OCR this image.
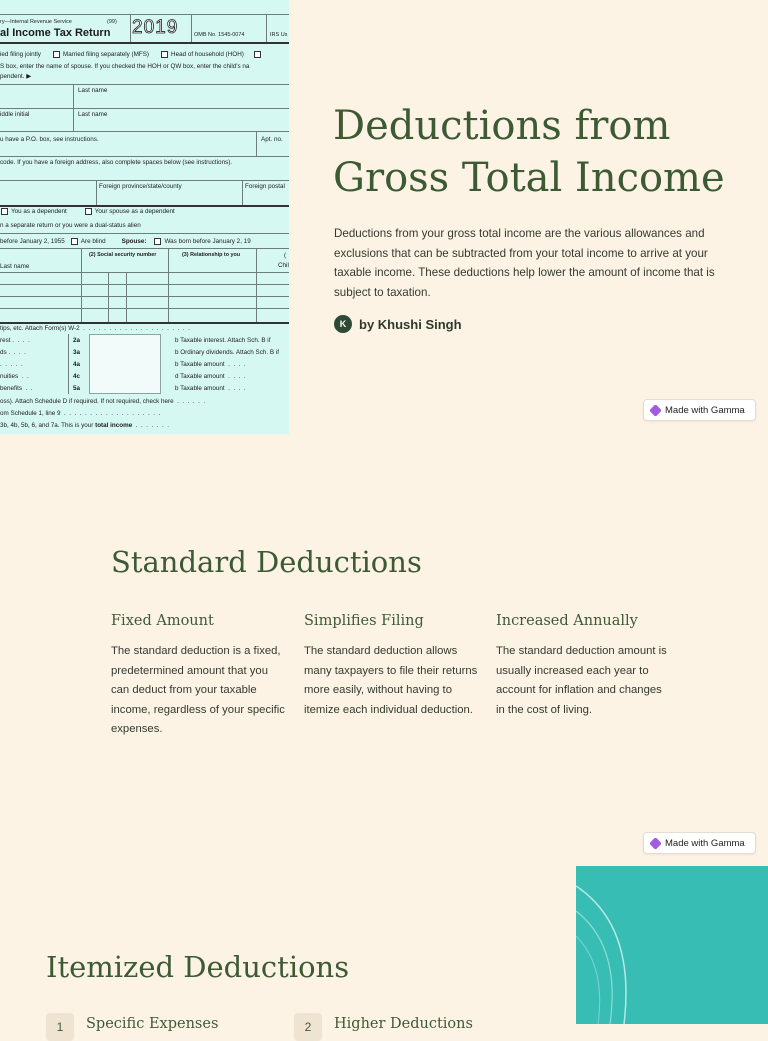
ry—Internal Revenue Service	(99)
al Income Tax Return	2019	OMB No. 1545-0074	IRS Us
ied filing jointly	Married filing separately (MFS)	Head of household (HOH)
S box, enter the name of spouse. If you checked the HOH or QW box, enter the child's na
pendent. ▶
Last name
iddle initial	Last name
u have a P.O. box, see instructions.	Apt. no.
code. If you have a foreign address, also complete spaces below (see instructions).
Foreign province/state/county	Foreign postal
You as a dependent	Your spouse as a dependent
n a separate return or you were a dual-status alien
before January 2, 1955	Are blind	Spouse:	Was born before January 2, 19
(2) Social security number	(3) Relationship to you	(
Last name	Chil
tips, etc. Attach Form(s) W-2  .  .  .  .  .  .  .  .  .  .  .  .  .  .  .  .  .  .  .  .  .
rest .  .  .  .	2a	b Taxable interest. Attach Sch. B if
ds .  .  .  .	3a	b Ordinary dividends. Attach Sch. B if
.  .  .  .  .	4a	b Taxable amount  .  .  .  .
nuities  .  .	4c	d Taxable amount  .  .  .  .
benefits  .  .	5a	b Taxable amount  .  .  .  .
oss). Attach Schedule D if required. If not required, check here  .  .  .  .  .  .
om Schedule 1, line 9  .  .  .  .  .  .  .  .  .  .  .  .  .  .  .  .  .  .  .
3b, 4b, 5b, 6, and 7a. This is your total income  .  .  .  .  .  .  .
Deductions from Gross Total Income

Deductions from your gross total income are the various allowances and exclusions that can be subtracted from your total income to arrive at your taxable income. These deductions help lower the amount of income that is subject to taxation.

K by Khushi Singh
Made with Gamma
Standard Deductions
Fixed Amount

The standard deduction is a fixed, predetermined amount that you can deduct from your taxable income, regardless of your specific expenses.

Simplifies Filing

The standard deduction allows many taxpayers to file their returns more easily, without having to itemize each individual deduction.

Increased Annually

The standard deduction amount is usually increased each year to account for inflation and changes in the cost of living.

Made with Gamma
Itemized Deductions
1	Specific Expenses	2	Higher Deductions
